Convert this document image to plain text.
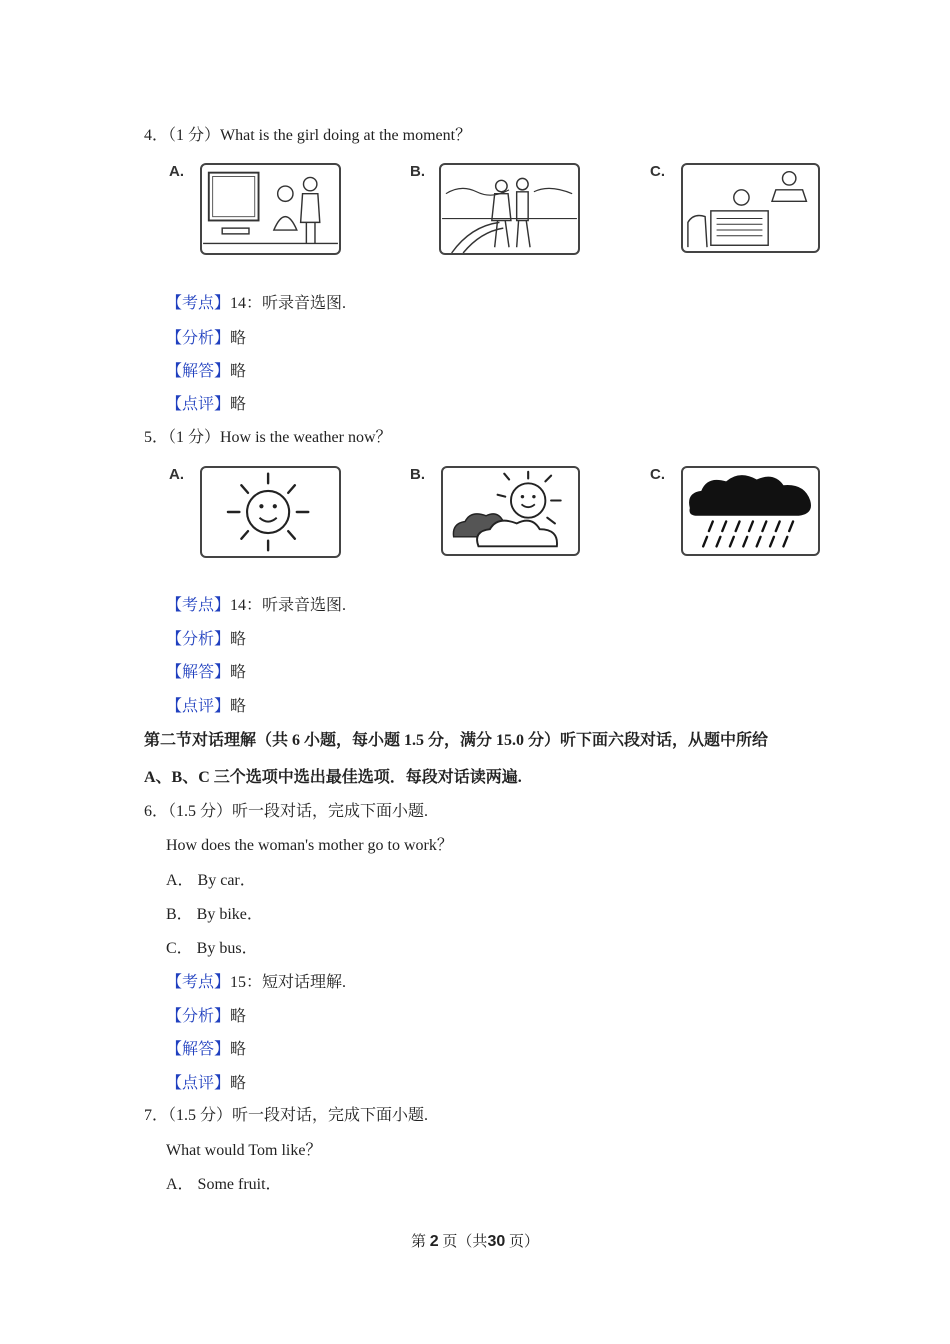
4．（1 分）What is the girl doing at the moment？
A.	B.	C.
【考点】14：听录音选图.
【分析】略
【解答】略
【点评】略
5．（1 分）How is the weather now？
A.	B.	C.
【考点】14：听录音选图.
【分析】略
【解答】略
【点评】略
第二节对话理解（共 6 小题，每小题 1.5 分，满分 15.0 分）听下面六段对话，从题中所给
A、B、C 三个选项中选出最佳选项．每段对话读两遍.
6．（1.5 分）听一段对话，完成下面小题.
How does the woman's mother go to work？
A． By car．
B． By bike．
C． By bus．
【考点】15：短对话理解.
【分析】略
【解答】略
【点评】略
7．（1.5 分）听一段对话，完成下面小题.
What would Tom like？
A． Some fruit．
第 2 页（共30 页）
